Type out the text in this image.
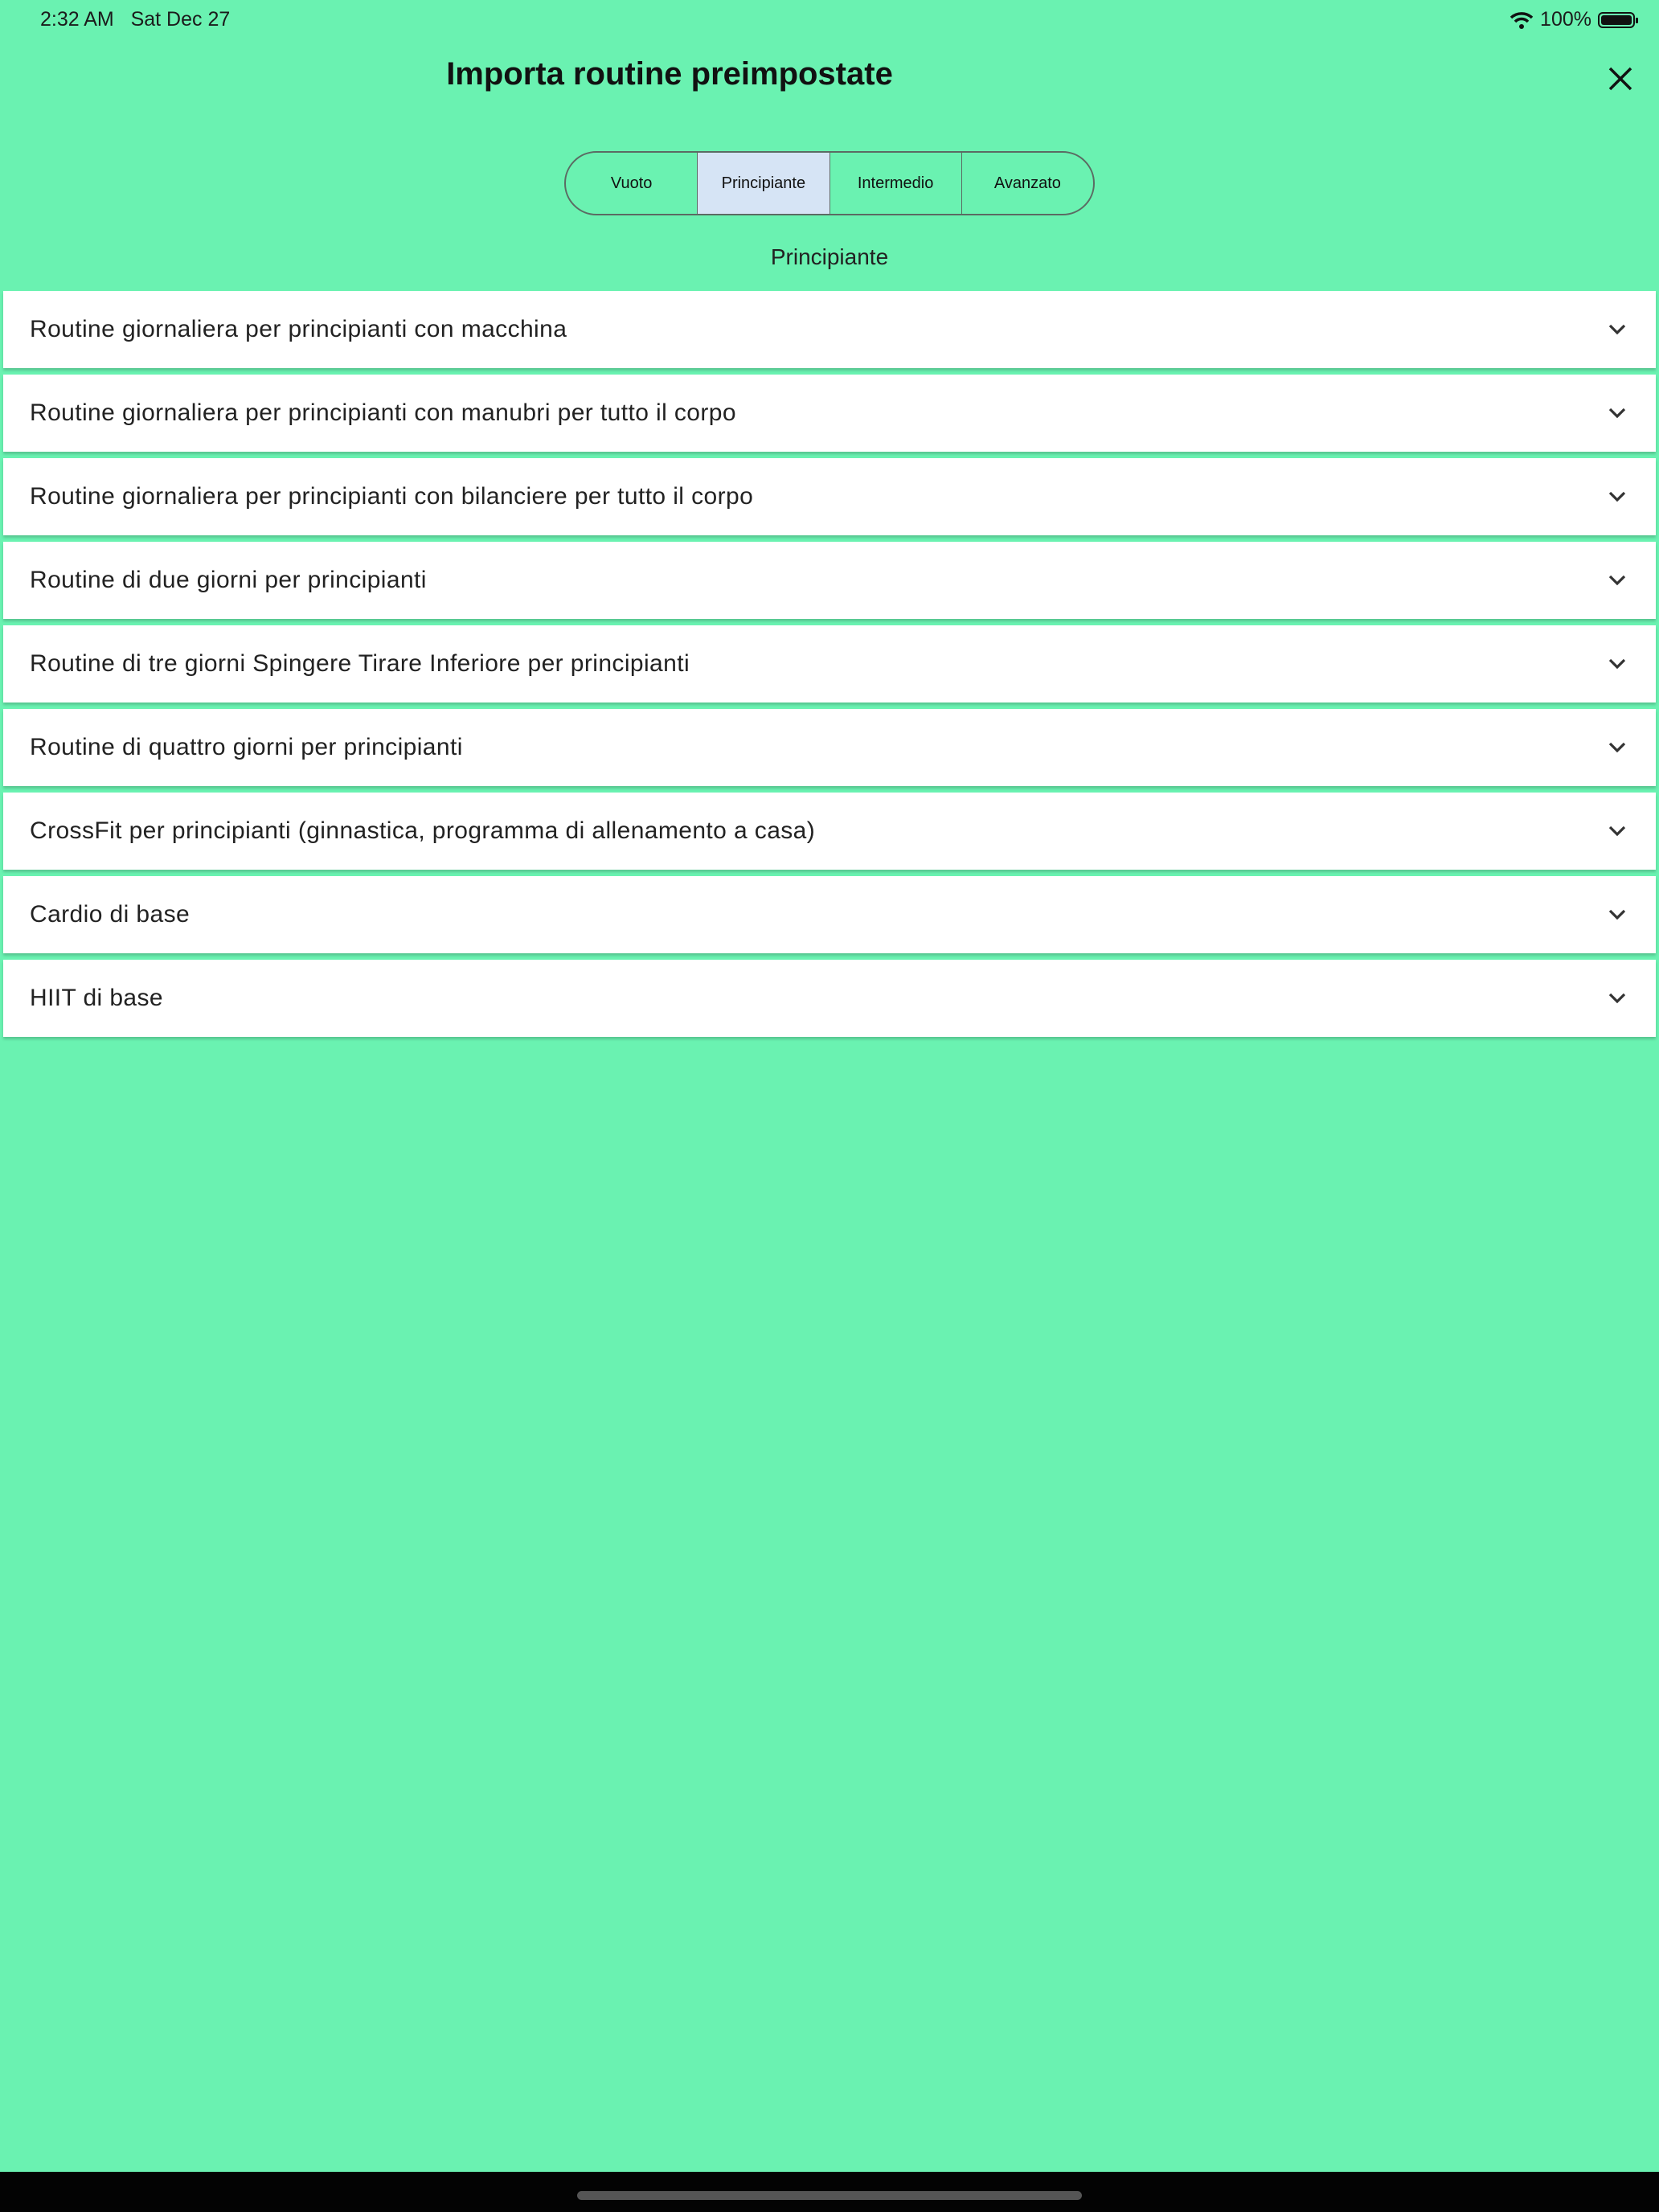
2:32 AM Sat Dec 27	100%
Importa routine preimpostate
Vuoto	Principiante	Intermedio	Avanzato
Principiante
Routine giornaliera per principianti con macchina
Routine giornaliera per principianti con manubri per tutto il corpo
Routine giornaliera per principianti con bilanciere per tutto il corpo
Routine di due giorni per principianti
Routine di tre giorni Spingere Tirare Inferiore per principianti
Routine di quattro giorni per principianti
CrossFit per principianti (ginnastica, programma di allenamento a casa)
Cardio di base
HIIT di base
